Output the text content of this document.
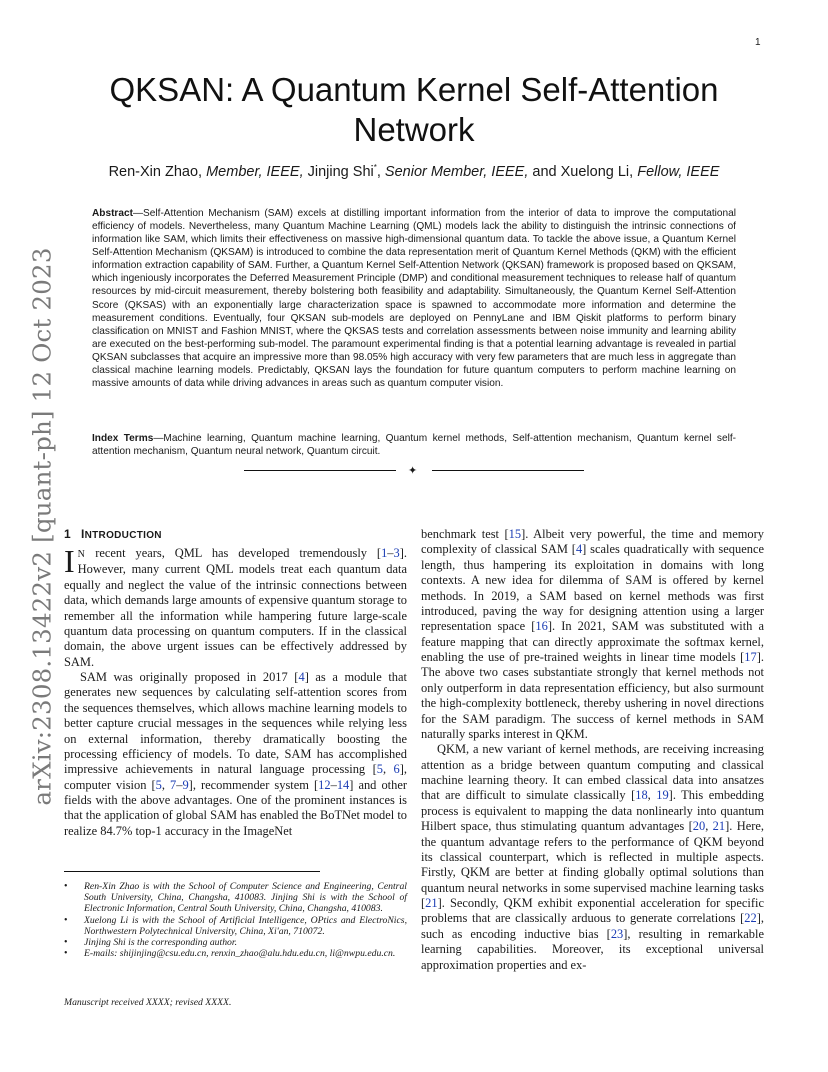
1
arXiv:2308.13422v2 [quant-ph] 12 Oct 2023
QKSAN: A Quantum Kernel Self-Attention
Network
Ren-Xin Zhao, Member, IEEE, Jinjing Shi*, Senior Member, IEEE, and Xuelong Li, Fellow, IEEE

Abstract—Self-Attention Mechanism (SAM) excels at distilling important information from the interior of data to improve the computational efficiency of models. Nevertheless, many Quantum Machine Learning (QML) models lack the ability to distinguish the intrinsic connections of information like SAM, which limits their effectiveness on massive high-dimensional quantum data. To tackle the above issue, a Quantum Kernel Self-Attention Mechanism (QKSAM) is introduced to combine the data representation merit of Quantum Kernel Methods (QKM) with the efficient information extraction capability of SAM. Further, a Quantum Kernel Self-Attention Network (QKSAN) framework is proposed based on QKSAM, which ingeniously incorporates the Deferred Measurement Principle (DMP) and conditional measurement techniques to release half of quantum resources by mid-circuit measurement, thereby bolstering both feasibility and adaptability. Simultaneously, the Quantum Kernel Self-Attention Score (QKSAS) with an exponentially large characterization space is spawned to accommodate more information and determine the measurement conditions. Eventually, four QKSAN sub-models are deployed on PennyLane and IBM Qiskit platforms to perform binary classification on MNIST and Fashion MNIST, where the QKSAS tests and correlation assessments between noise immunity and learning ability are executed on the best-performing sub-model. The paramount experimental finding is that a potential learning advantage is revealed in partial QKSAN subclasses that acquire an impressive more than 98.05% high accuracy with very few parameters that are much less in aggregate than classical machine learning models. Predictably, QKSAN lays the foundation for future quantum computers to perform machine learning on massive amounts of data while driving advances in areas such as quantum computer vision.

Index Terms—Machine learning, Quantum machine learning, Quantum kernel methods, Self-attention mechanism, Quantum kernel self-attention mechanism, Quantum neural network, Quantum circuit.

✦
1 INTRODUCTION

I N recent years, QML has developed tremendously [1–3]. However, many current QML models treat each quantum data equally and neglect the value of the intrinsic connections between data, which demands large amounts of expensive quantum storage to remember all the information while hampering future large-scale quantum data processing on quantum computers. If in the classical domain, the above urgent issues can be effectively addressed by SAM.

SAM was originally proposed in 2017 [4] as a module that generates new sequences by calculating self-attention scores from the sequences themselves, which allows machine learning models to better capture crucial messages in the sequences while relying less on external information, thereby dramatically boosting the processing efficiency of models. To date, SAM has accomplished impressive achievements in natural language processing [5, 6], computer vision [5, 7–9], recommender system [12–14] and other fields with the above advantages. One of the prominent instances is that the application of global SAM has enabled the BoTNet model to realize 84.7% top-1 accuracy in the ImageNet

• Ren-Xin Zhao is with the School of Computer Science and Engineering, Central South University, China, Changsha, 410083. Jinjing Shi is with the School of Electronic Information, Central South University, China, Changsha, 410083.
• Xuelong Li is with the School of Artificial Intelligence, OPtics and ElectroNics, Northwestern Polytechnical University, China, Xi'an, 710072.
• Jinjing Shi is the corresponding author.
• E-mails: shijinjing@csu.edu.cn, renxin_zhao@alu.hdu.edu.cn, li@nwpu.edu.cn.
Manuscript received XXXX; revised XXXX.

benchmark test [15]. Albeit very powerful, the time and memory complexity of classical SAM [4] scales quadratically with sequence length, thus hampering its exploitation in domains with long contexts. A new idea for dilemma of SAM is offered by kernel methods. In 2019, a SAM based on kernel methods was first introduced, paving the way for designing attention using a larger representation space [16]. In 2021, SAM was substituted with a feature mapping that can directly approximate the softmax kernel, enabling the use of pre-trained weights in linear time models [17]. The above two cases substantiate strongly that kernel methods not only outperform in data representation efficiency, but also surmount the high-complexity bottleneck, thereby ushering in novel directions for the SAM paradigm. The success of kernel methods in SAM naturally sparks interest in QKM.

QKM, a new variant of kernel methods, are receiving increasing attention as a bridge between quantum computing and classical machine learning theory. It can embed classical data into ansatzes that are difficult to simulate classically [18, 19]. This embedding process is equivalent to mapping the data nonlinearly into quantum Hilbert space, thus stimulating quantum advantages [20, 21]. Here, the quantum advantage refers to the performance of QKM beyond its classical counterpart, which is reflected in multiple aspects. Firstly, QKM are better at finding globally optimal solutions than quantum neural networks in some supervised machine learning tasks [21]. Secondly, QKM exhibit exponential acceleration for specific problems that are classically arduous to generate correlations [22], such as encoding inductive bias [23], resulting in remarkable learning capabilities. Moreover, its exceptional universal approximation properties and ex-
